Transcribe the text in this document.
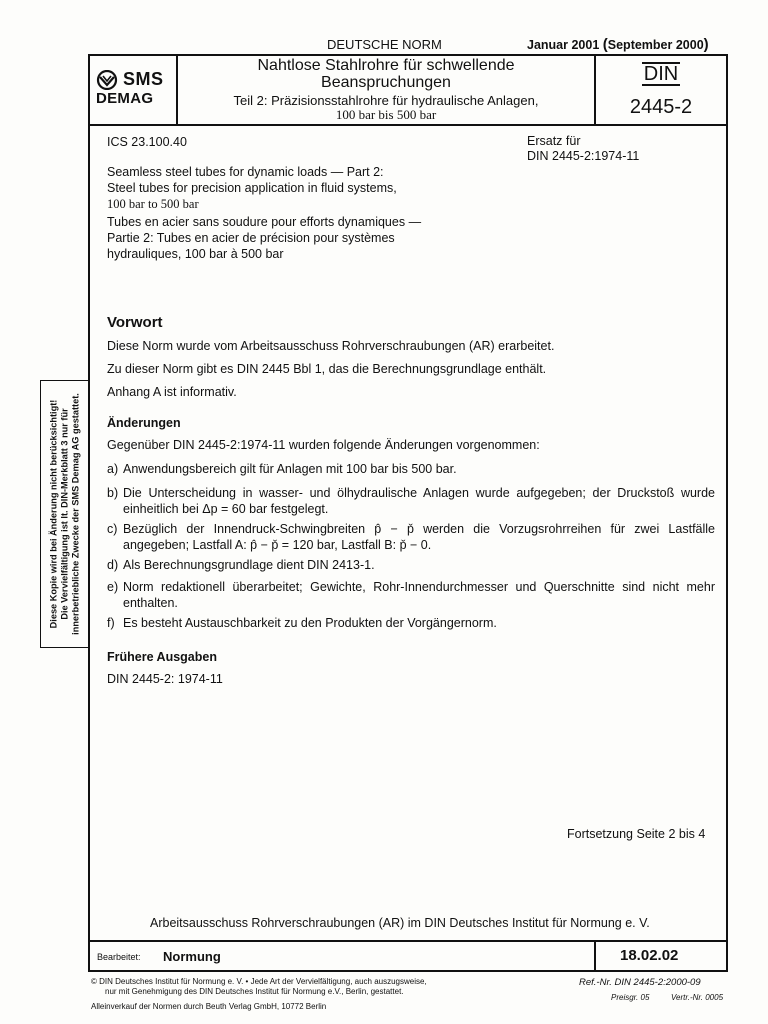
DEUTSCHE NORM	Januar 2001 (September 2000)
SMS
DEMAG
Nahtlose Stahlrohre für schwellende
Beanspruchungen
Teil 2: Präzisionsstahlrohre für hydraulische Anlagen,
100 bar bis 500 bar
DIN
2445-2
ICS 23.100.40	Ersatz für
DIN 2445-2:1974-11
Seamless steel tubes for dynamic loads — Part 2:
Steel tubes for precision application in fluid systems,
100 bar to 500 bar
Tubes en acier sans soudure pour efforts dynamiques —
Partie 2: Tubes en acier de précision pour systèmes
hydrauliques, 100 bar à 500 bar
Vorwort
Diese Norm wurde vom Arbeitsausschuss Rohrverschraubungen (AR) erarbeitet.
Zu dieser Norm gibt es DIN 2445 Bbl 1, das die Berechnungsgrundlage enthält.
Anhang A ist informativ.
Änderungen
Gegenüber DIN 2445-2:1974-11 wurden folgende Änderungen vorgenommen:
a) Anwendungsbereich gilt für Anlagen mit 100 bar bis 500 bar.
b) Die Unterscheidung in wasser- und ölhydraulische Anlagen wurde aufgegeben; der Druckstoß wurde einheitlich bei Δp = 60 bar festgelegt.
c) Bezüglich der Innendruck-Schwingbreiten p̂ − p̌ werden die Vorzugsrohrreihen für zwei Lastfälle angegeben; Lastfall A: p̂ − p̌ = 120 bar, Lastfall B: p̌ − 0.
d) Als Berechnungsgrundlage dient DIN 2413-1.
e) Norm redaktionell überarbeitet; Gewichte, Rohr-Innendurchmesser und Querschnitte sind nicht mehr enthalten.
f) Es besteht Austauschbarkeit zu den Produkten der Vorgängernorm.
Frühere Ausgaben
DIN 2445-2: 1974-11
Fortsetzung Seite 2 bis 4
Arbeitsausschuss Rohrverschraubungen (AR) im DIN Deutsches Institut für Normung e. V.
Diese Kopie wird bei Änderung nicht berücksichtigt! Die Vervielfältigung ist lt. DIN-Merkblatt 3 nur für innerbetriebliche Zwecke der SMS Demag AG gestattet.
Bearbeitet: Normung	18.02.02
© DIN Deutsches Institut für Normung e. V. • Jede Art der Vervielfältigung, auch auszugsweise,
nur mit Genehmigung des DIN Deutsches Institut für Normung e.V., Berlin, gestattet.
Alleinverkauf der Normen durch Beuth Verlag GmbH, 10772 Berlin
Ref.-Nr. DIN 2445-2:2000-09
Preisgr. 05	Vertr.-Nr. 0005
